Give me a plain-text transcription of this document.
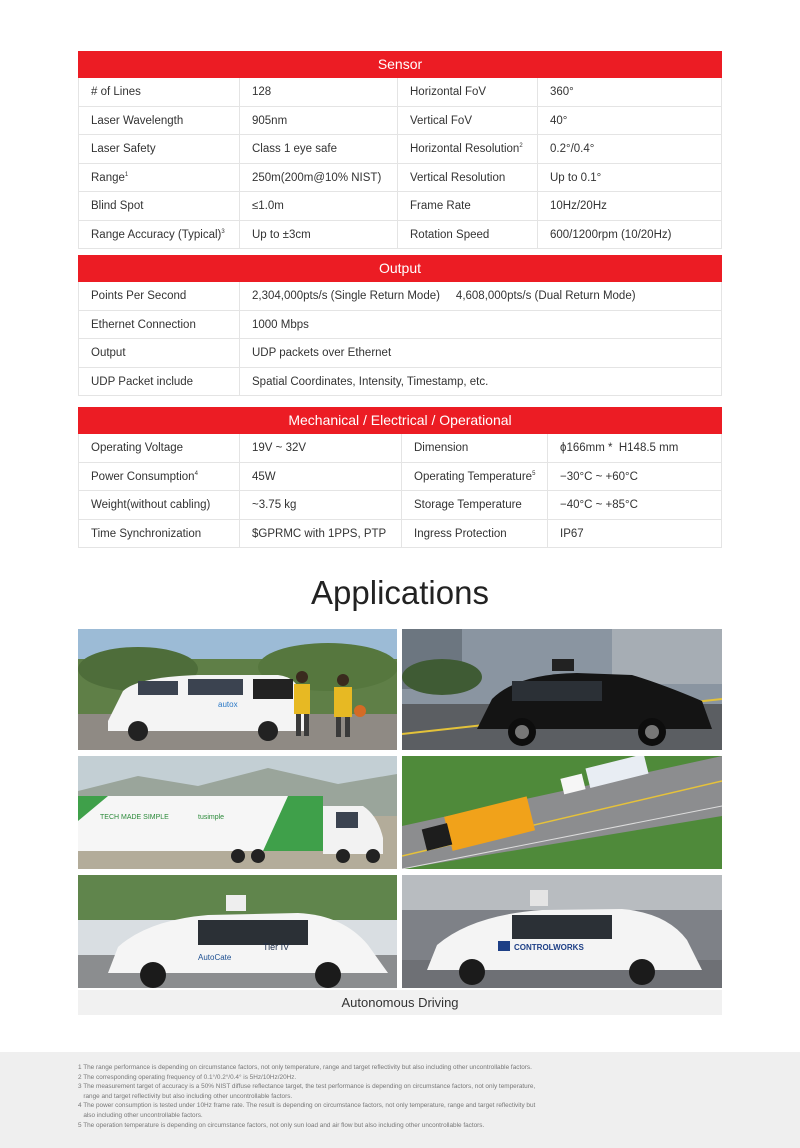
Sensor
# of Lines	128	Horizontal FoV	360°
Laser Wavelength	905nm	Vertical FoV	40°
Laser Safety	Class 1 eye safe	Horizontal Resolution$^2$	0.2°/0.4°
Range$^1$	250m(200m@10% NIST)	Vertical Resolution	Up to 0.1°
Blind Spot	≤1.0m	Frame Rate	10Hz/20Hz
Range Accuracy (Typical)$^3$	Up to ±3cm	Rotation Speed	600/1200rpm (10/20Hz)
Output
Points Per Second	2,304,000pts/s (Single Return Mode)     4,608,000pts/s (Dual Return Mode)
Ethernet Connection	1000 Mbps
Output	UDP packets over Ethernet
UDP Packet include	Spatial Coordinates, Intensity, Timestamp, etc.
Mechanical / Electrical / Operational
Operating Voltage	19V ~ 32V	Dimension	ϕ166mm *  H148.5 mm
Power Consumption$^4$	45W	Operating Temperature$^5$	−30°C ~ +60°C
Weight(without cabling)	~3.75 kg	Storage Temperature	−40°C ~ +85°C
Time Synchronization	$GPRMC with 1PPS, PTP	Ingress Protection	IP67
Applications
autox
TECH MADE SIMPLE	tusimple
AutoCate
Tier IV	CONTROLWORKS
Autonomous Driving
1 The range performance is depending on circumstance factors, not only temperature, range and target reflectivity but also including other uncontrollable factors.
2 The corresponding operating frequency of 0.1°/0.2°/0.4° is 5Hz/10Hz/20Hz.
3 The measurement target of accuracy is a 50% NIST diffuse reflectance target, the test performance is depending on circumstance factors, not only temperature,
range and target reflectivity but also including other uncontrollable factors.
4 The power consumption is tested under 10Hz frame rate. The result is depending on circumstance factors, not only temperature, range and target reflectivity but
also including other uncontrollable factors.
5 The operation temperature is depending on circumstance factors, not only sun load and air flow but also including other uncontrollable factors.
